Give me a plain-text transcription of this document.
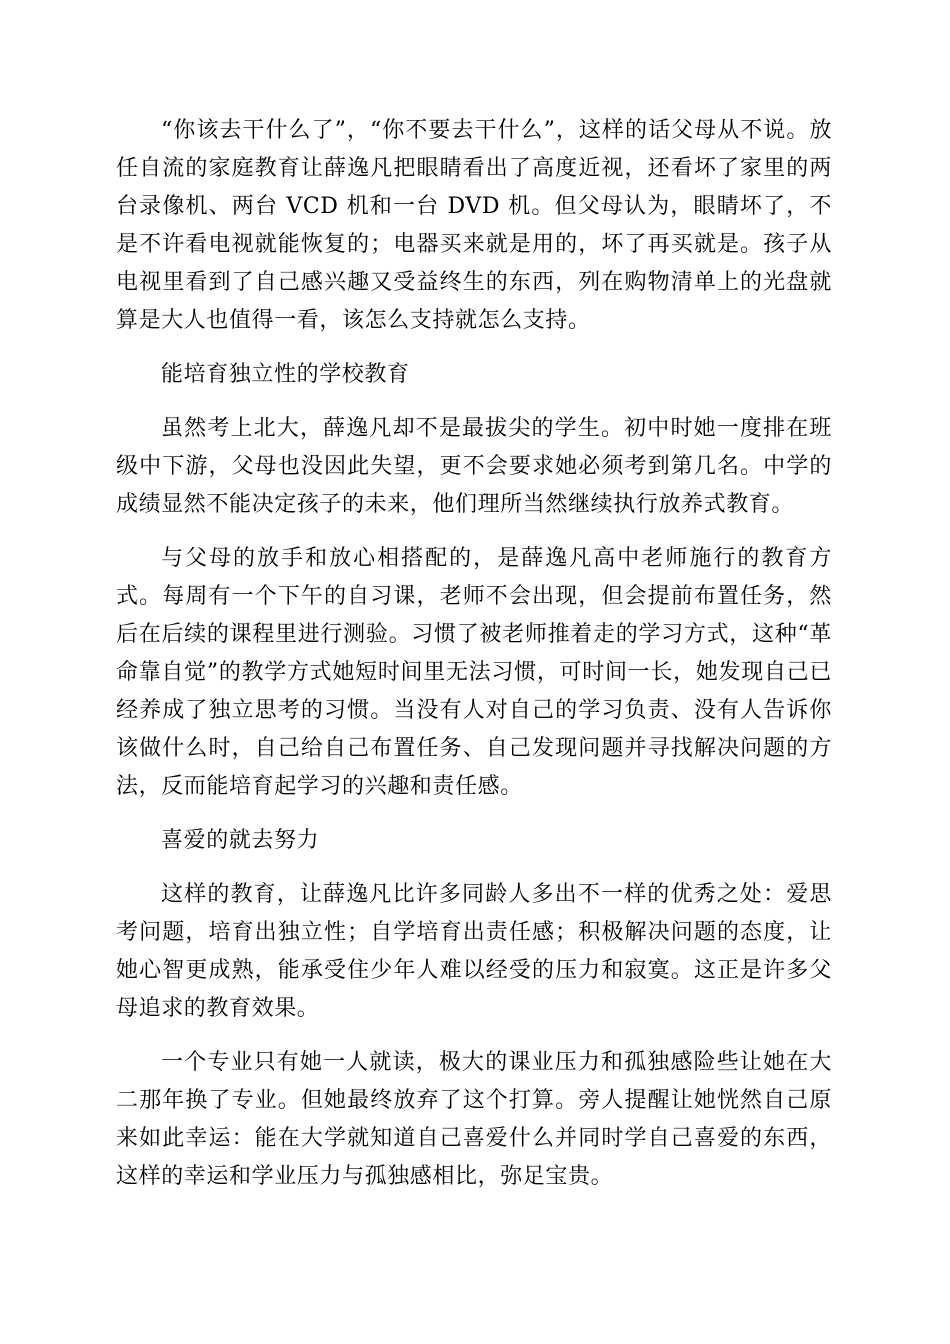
“你该去干什么了”，“你不要去干什么”，这样的话父母从不说。放任自流的家庭教育让薛逸凡把眼睛看出了高度近视，还看坏了家里的两台录像机、两台 VCD 机和一台 DVD 机。但父母认为，眼睛坏了，不是不许看电视就能恢复的；电器买来就是用的，坏了再买就是。孩子从电视里看到了自己感兴趣又受益终生的东西，列在购物清单上的光盘就算是大人也值得一看，该怎么支持就怎么支持。

能培育独立性的学校教育

虽然考上北大，薛逸凡却不是最拔尖的学生。初中时她一度排在班级中下游，父母也没因此失望，更不会要求她必须考到第几名。中学的成绩显然不能决定孩子的未来，他们理所当然继续执行放养式教育。

与父母的放手和放心相搭配的，是薛逸凡高中老师施行的教育方式。每周有一个下午的自习课，老师不会出现，但会提前布置任务，然后在后续的课程里进行测验。习惯了被老师推着走的学习方式，这种“革命靠自觉”的教学方式她短时间里无法习惯，可时间一长，她发现自己已经养成了独立思考的习惯。当没有人对自己的学习负责、没有人告诉你该做什么时，自己给自己布置任务、自己发现问题并寻找解决问题的方法，反而能培育起学习的兴趣和责任感。

喜爱的就去努力

这样的教育，让薛逸凡比许多同龄人多出不一样的优秀之处：爱思考问题，培育出独立性；自学培育出责任感；积极解决问题的态度，让她心智更成熟，能承受住少年人难以经受的压力和寂寞。这正是许多父母追求的教育效果。

一个专业只有她一人就读，极大的课业压力和孤独感险些让她在大二那年换了专业。但她最终放弃了这个打算。旁人提醒让她恍然自己原来如此幸运：能在大学就知道自己喜爱什么并同时学自己喜爱的东西，这样的幸运和学业压力与孤独感相比，弥足宝贵。
